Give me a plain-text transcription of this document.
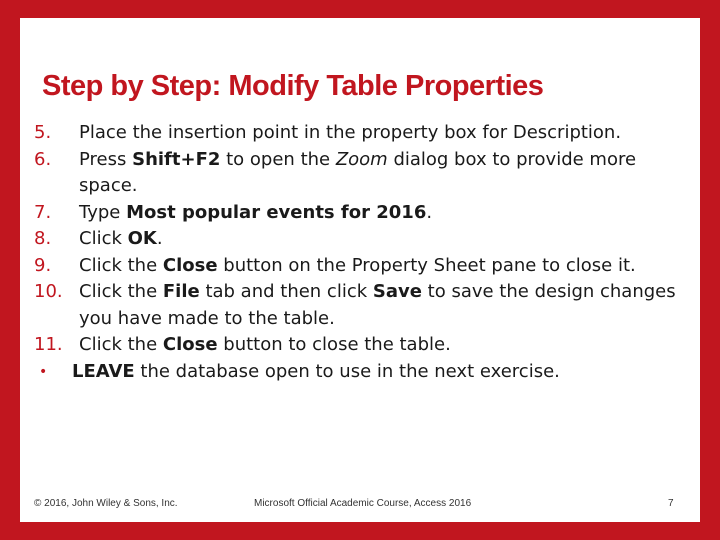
Step by Step: Modify Table Properties
5.	Place the insertion point in the property box for Description.
6.	Press Shift+F2 to open the Zoom dialog box to provide more space.
7.	Type Most popular events for 2016.
8.	Click OK.
9.	Click the Close button on the Property Sheet pane to close it.
10. Click the File tab and then click Save to save the design changes you have made to the table.
11. Click the Close button to close the table.
• LEAVE the database open to use in the next exercise.
© 2016, John Wiley & Sons, Inc.	Microsoft Official Academic Course, Access 2016	7
